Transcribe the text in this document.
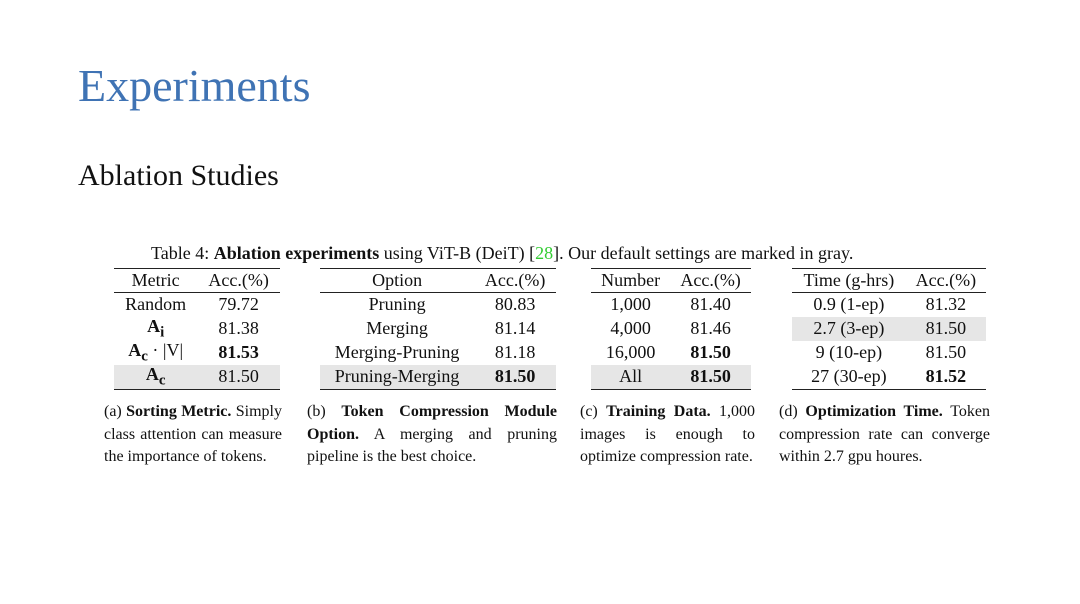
Experiments
Ablation Studies
Table 4: Ablation experiments using ViT-B (DeiT) [28]. Our default settings are marked in gray.
Metric	Acc.(%)
Random	79.72
$A_i$	81.38
$A_c \cdot |V|$	81.53
$A_c$	81.50
Option	Acc.(%)
Pruning	80.83
Merging	81.14
Merging-Pruning	81.18
Pruning-Merging	81.50
Number	Acc.(%)
1,000	81.40
4,000	81.46
16,000	81.50
All	81.50
Time (g-hrs)	Acc.(%)
0.9 (1-ep)	81.32
2.7 (3-ep)	81.50
9 (10-ep)	81.50
27 (30-ep)	81.52
(a) Sorting Metric. Simply class attention can measure the importance of tokens.
(b) Token Compression Module Option. A merging and pruning pipeline is the best choice.
(c) Training Data. 1,000 images is enough to optimize compression rate.
(d) Optimization Time. Token compression rate can converge within 2.7 gpu houres.
